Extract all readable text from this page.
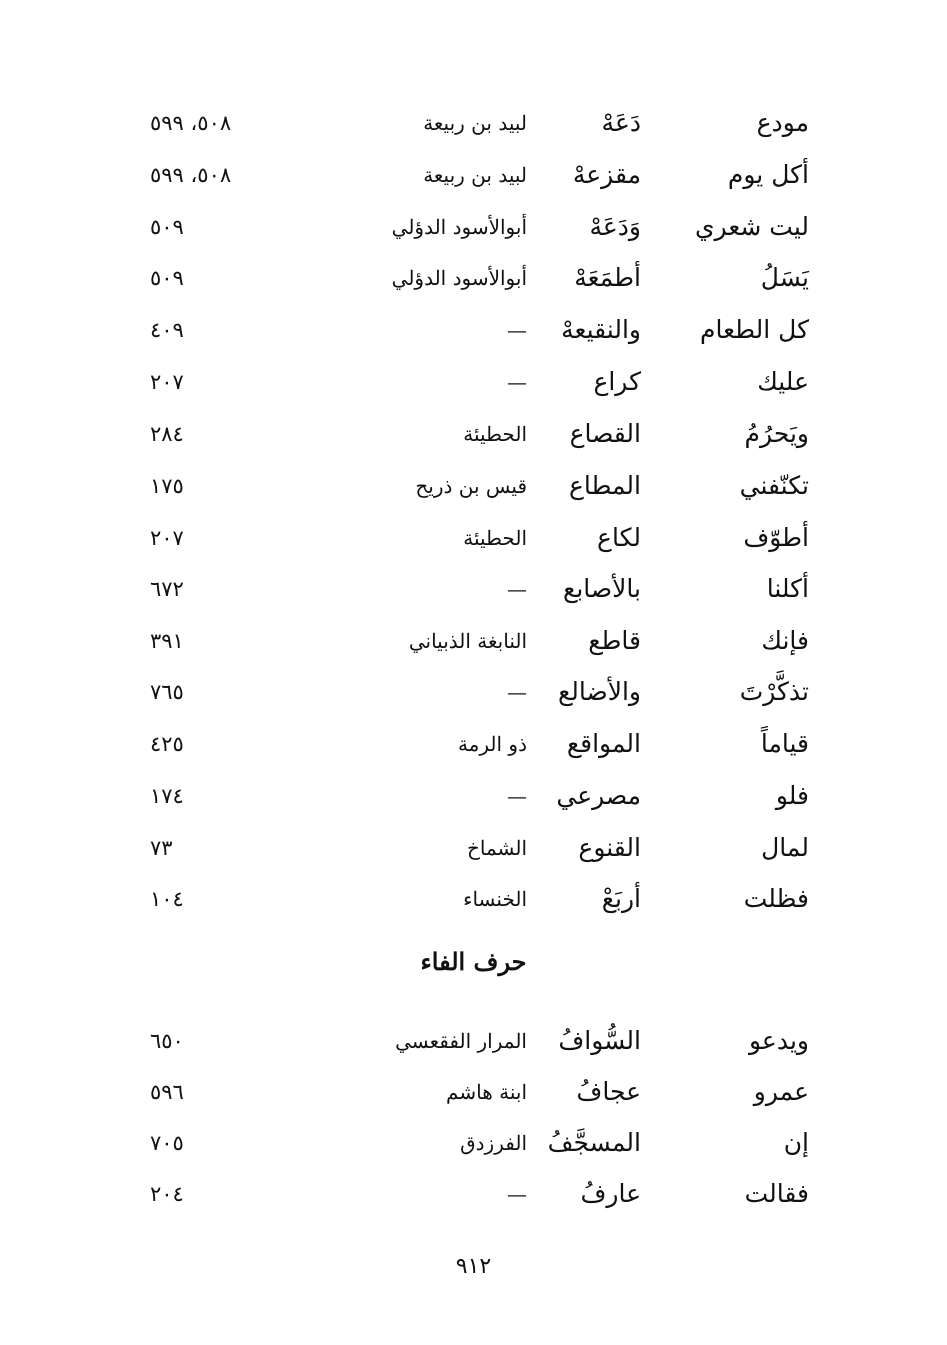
مودع
دَعَهْ
لبيد بن ربيعة
٥٠٨، ٥٩٩
أكل يوم
مقزعهْ
لبيد بن ربيعة
٥٠٨، ٥٩٩
ليت شعري
وَدَعَهْ
أبوالأسود الدؤلي
٥٠٩
يَسَلُ
أطمَعَهْ
أبوالأسود الدؤلي
٥٠٩
كل الطعام
والنقيعهْ
—
٤٠٩
عليك
كراع
—
٢٠٧
ويَحرُمُ
القصاع
الحطيئة
٢٨٤
تكنّفني
المطاع
قيس بن ذريح
١٧٥
أطوّف
لكاع
الحطيئة
٢٠٧
أكلنا
بالأصابع
—
٦٧٢
فإنك
قاطع
النابغة الذبياني
٣٩١
تذكَّرْتَ
والأضالع
—
٧٦٥
قياماً
المواقع
ذو الرمة
٤٢٥
فلو
مصرعي
—
١٧٤
لمال
القنوع
الشماخ
٧٣
فظلت
أربَعْ
الخنساء
١٠٤
حرف الفاء
ويدعو
السُّوافُ
المرار الفقعسي
٦٥٠
عمرو
عجافُ
ابنة هاشم
٥٩٦
إن
المسجَّفُ
الفرزدق
٧٠٥
فقالت
عارفُ
—
٢٠٤
٩١٢
